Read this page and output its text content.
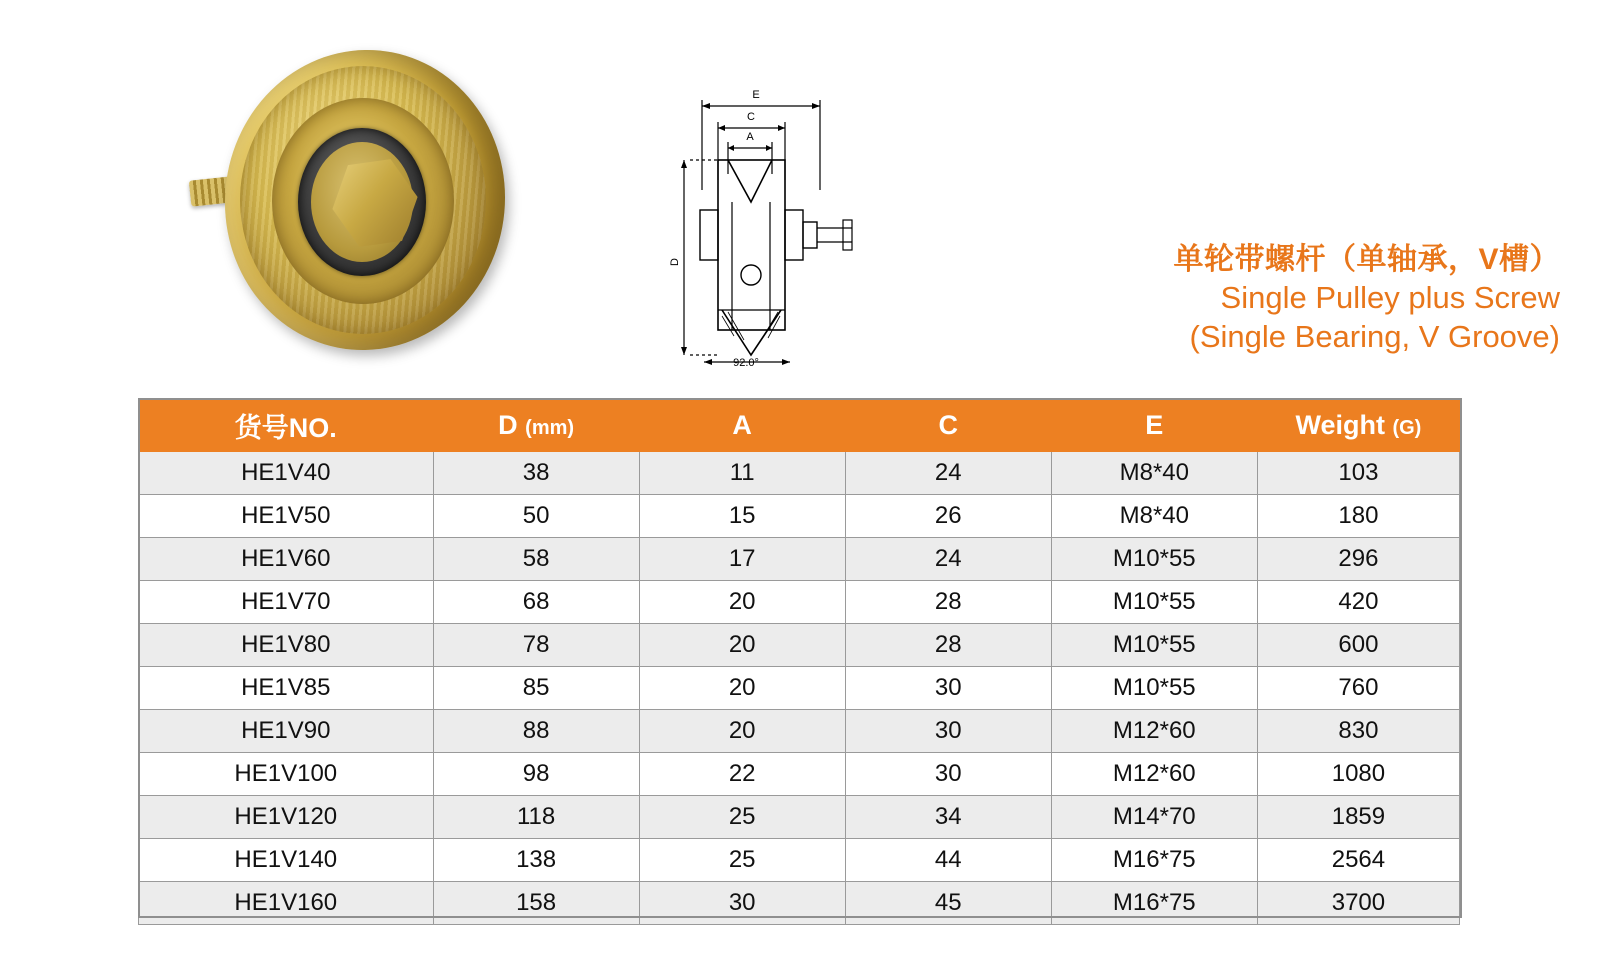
E
C
A
D
92.0°
单轮带螺杆（单轴承，V槽）
Single Pulley plus Screw
(Single Bearing, V Groove)
货号NO.	D (mm)	A	C	E	Weight (G)
HE1V40	38	11	24	M8*40	103
HE1V50	50	15	26	M8*40	180
HE1V60	58	17	24	M10*55	296
HE1V70	68	20	28	M10*55	420
HE1V80	78	20	28	M10*55	600
HE1V85	85	20	30	M10*55	760
HE1V90	88	20	30	M12*60	830
HE1V100	98	22	30	M12*60	1080
HE1V120	118	25	34	M14*70	1859
HE1V140	138	25	44	M16*75	2564
HE1V160	158	30	45	M16*75	3700
